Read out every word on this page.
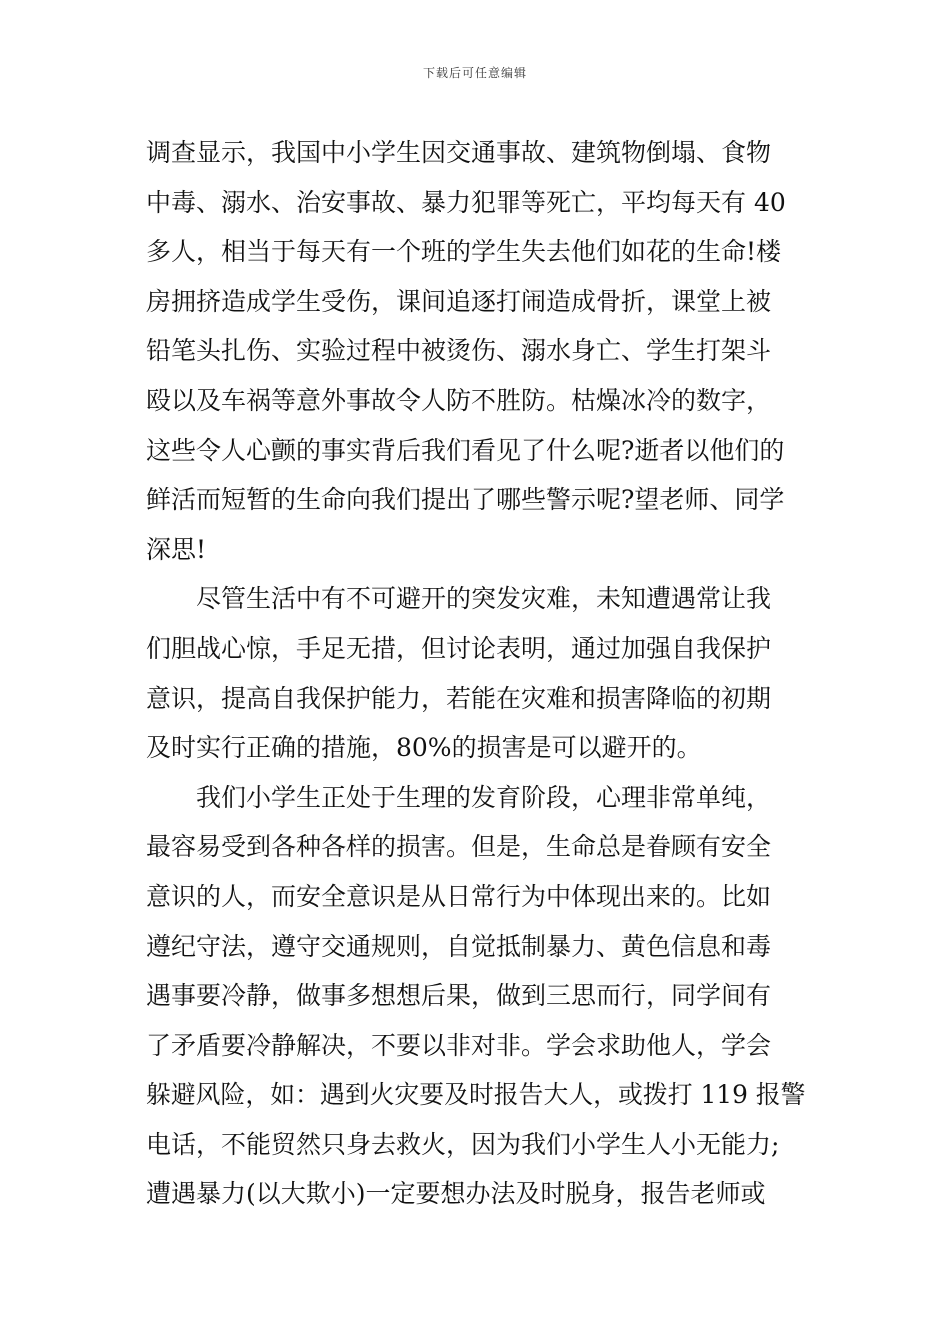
下载后可任意编辑
调查显示，我国中小学生因交通事故、建筑物倒塌、食物
中毒、溺水、治安事故、暴力犯罪等死亡，平均每天有 40
多人，相当于每天有一个班的学生失去他们如花的生命!楼
房拥挤造成学生受伤，课间追逐打闹造成骨折，课堂上被
铅笔头扎伤、实验过程中被烫伤、溺水身亡、学生打架斗
殴以及车祸等意外事故令人防不胜防。枯燥冰冷的数字，
这些令人心颤的事实背后我们看见了什么呢?逝者以他们的
鲜活而短暂的生命向我们提出了哪些警示呢?望老师、同学
深思!
尽管生活中有不可避开的突发灾难，未知遭遇常让我
们胆战心惊，手足无措，但讨论表明，通过加强自我保护
意识，提高自我保护能力，若能在灾难和损害降临的初期
及时实行正确的措施，80%的损害是可以避开的。
我们小学生正处于生理的发育阶段，心理非常单纯，
最容易受到各种各样的损害。但是，生命总是眷顾有安全
意识的人，而安全意识是从日常行为中体现出来的。比如
遵纪守法，遵守交通规则，自觉抵制暴力、黄色信息和毒
遇事要冷静，做事多想想后果，做到三思而行，同学间有
了矛盾要冷静解决，不要以非对非。学会求助他人，学会
躲避风险，如：遇到火灾要及时报告大人，或拨打 119 报警
电话，不能贸然只身去救火，因为我们小学生人小无能力;
遭遇暴力(以大欺小)一定要想办法及时脱身，报告老师或
